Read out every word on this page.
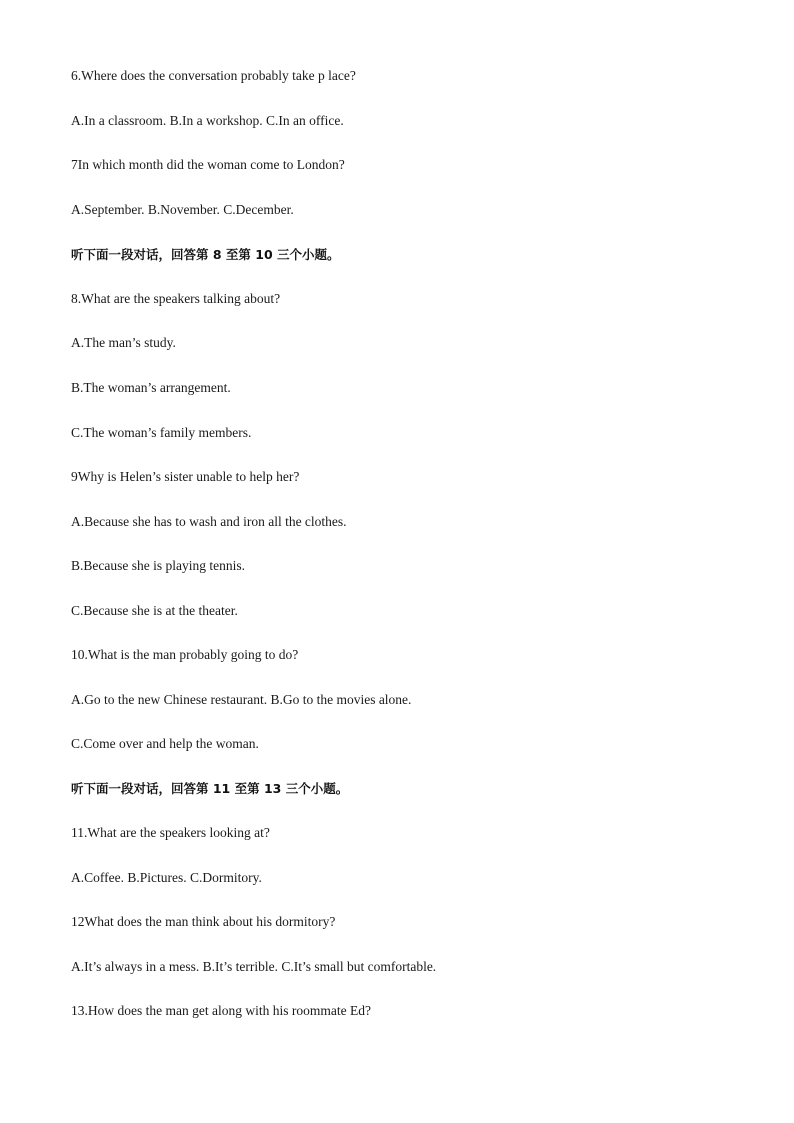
6.Where does the conversation probably take p lace?
A.In a classroom. B.In a workshop. C.In an office.
7In which month did the woman come to London?
A.September. B.November. C.December.
听下面一段对话，回答第 8 至第 10 三个小题。
8.What are the speakers talking about?
A.The man’s study.
B.The woman’s arrangement.
C.The woman’s family members.
9Why is Helen’s sister unable to help her?
A.Because she has to wash and iron all the clothes.
B.Because she is playing tennis.
C.Because she is at the theater.
10.What is the man probably going to do?
A.Go to the new Chinese restaurant. B.Go to the movies alone.
C.Come over and help the woman.
听下面一段对话，回答第 11 至第 13 三个小题。
11.What are the speakers looking at?
A.Coffee. B.Pictures. C.Dormitory.
12What does the man think about his dormitory?
A.It’s always in a mess. B.It’s terrible. C.It’s small but comfortable.
13.How does the man get along with his roommate Ed?
